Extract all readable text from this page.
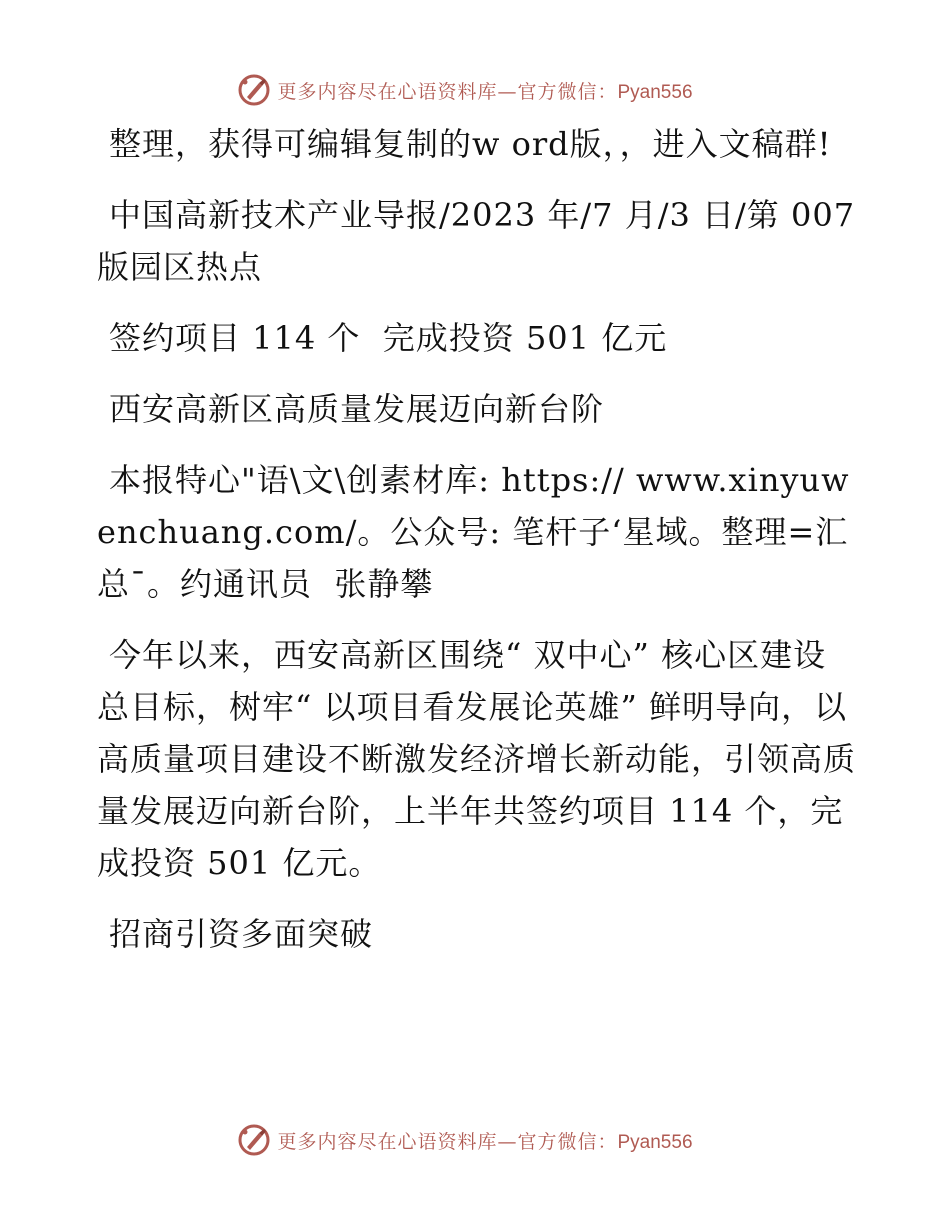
更多内容尽在心语资料库—官方微信：Pyan556

整理，获得可编辑复制的w ord版，，进入文稿群!

中国高新技术产业导报/2023 年/7 月/3 日/第 007 版园区热点

签约项目 114 个  完成投资 501 亿元

西安高新区高质量发展迈向新台阶

本报特心"语\文\创素材库: https:// www.xinyuwenchuang.com/。公众号: 笔杆子‘星域。整理=汇总¯。约通讯员  张静攀

今年以来，西安高新区围绕“ 双中心” 核心区建设总目标，树牢“ 以项目看发展论英雄” 鲜明导向，以高质量项目建设不断激发经济增长新动能，引领高质量发展迈向新台阶，上半年共签约项目 114 个，完成投资 501 亿元。

招商引资多面突破

更多内容尽在心语资料库—官方微信：Pyan556
